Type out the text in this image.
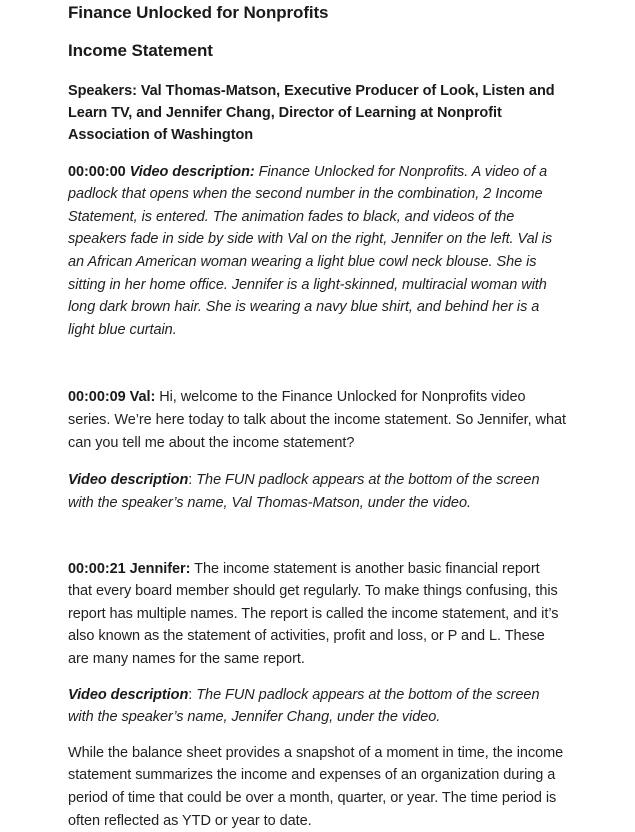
Finance Unlocked for Nonprofits
Income Statement

Speakers: Val Thomas-Matson, Executive Producer of Look, Listen and Learn TV, and Jennifer Chang, Director of Learning at Nonprofit Association of Washington

00:00:00 Video description: Finance Unlocked for Nonprofits. A video of a padlock that opens when the second number in the combination, 2 Income Statement, is entered. The animation fades to black, and videos of the speakers fade in side by side with Val on the right, Jennifer on the left. Val is an African American woman wearing a light blue cowl neck blouse. She is sitting in her home office. Jennifer is a light-skinned, multiracial woman with long dark brown hair. She is wearing a navy blue shirt, and behind her is a light blue curtain.

00:00:09 Val: Hi, welcome to the Finance Unlocked for Nonprofits video series. We’re here today to talk about the income statement. So Jennifer, what can you tell me about the income statement?

Video description: The FUN padlock appears at the bottom of the screen with the speaker’s name, Val Thomas-Matson, under the video.

00:00:21 Jennifer: The income statement is another basic financial report that every board member should get regularly. To make things confusing, this report has multiple names. The report is called the income statement, and it’s also known as the statement of activities, profit and loss, or P and L. These are many names for the same report.

Video description: The FUN padlock appears at the bottom of the screen with the speaker’s name, Jennifer Chang, under the video.

While the balance sheet provides a snapshot of a moment in time, the income statement summarizes the income and expenses of an organization during a period of time that could be over a month, quarter, or year. The time period is often reflected as YTD or year to date.
